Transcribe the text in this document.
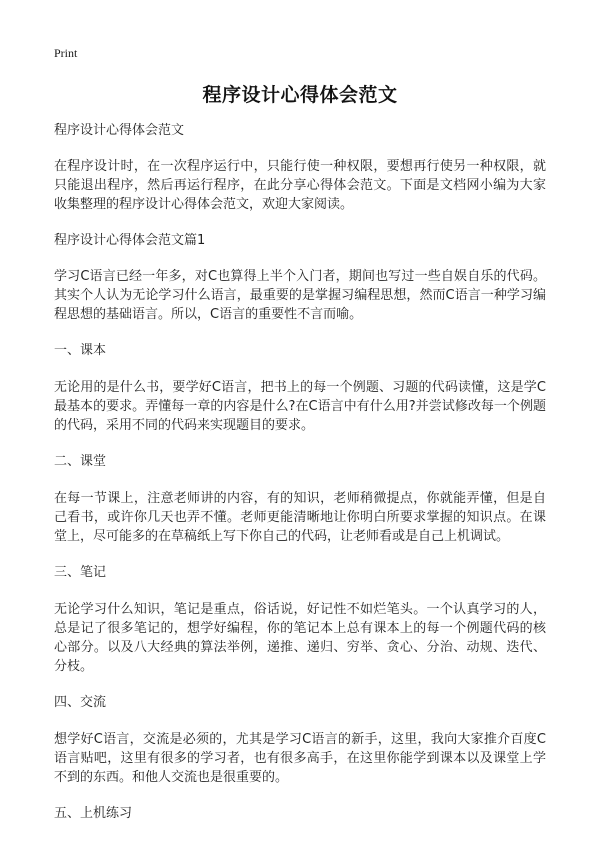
Print
程序设计心得体会范文

程序设计心得体会范文

在程序设计时，在一次程序运行中，只能行使一种权限，要想再行使另一种权限，就只能退出程序，然后再运行程序，在此分享心得体会范文。下面是文档网小编为大家收集整理的程序设计心得体会范文，欢迎大家阅读。

程序设计心得体会范文篇1

学习C语言已经一年多，对C也算得上半个入门者，期间也写过一些自娱自乐的代码。其实个人认为无论学习什么语言，最重要的是掌握习编程思想，然而C语言一种学习编程思想的基础语言。所以，C语言的重要性不言而喻。

一、课本

无论用的是什么书，要学好C语言，把书上的每一个例题、习题的代码读懂，这是学C最基本的要求。弄懂每一章的内容是什么?在C语言中有什么用?并尝试修改每一个例题的代码，采用不同的代码来实现题目的要求。

二、课堂

在每一节课上，注意老师讲的内容，有的知识，老师稍微提点，你就能弄懂，但是自己看书，或许你几天也弄不懂。老师更能清晰地让你明白所要求掌握的知识点。在课堂上，尽可能多的在草稿纸上写下你自己的代码，让老师看或是自己上机调试。

三、笔记

无论学习什么知识，笔记是重点，俗话说，好记性不如烂笔头。一个认真学习的人，总是记了很多笔记的，想学好编程，你的笔记本上总有课本上的每一个例题代码的核心部分。以及八大经典的算法举例，递推、递归、穷举、贪心、分治、动规、迭代、分枝。

四、交流

想学好C语言，交流是必须的，尤其是学习C语言的新手，这里，我向大家推介百度C语言贴吧，这里有很多的学习者，也有很多高手，在这里你能学到课本以及课堂上学不到的东西。和他人交流也是很重要的。

五、上机练习
